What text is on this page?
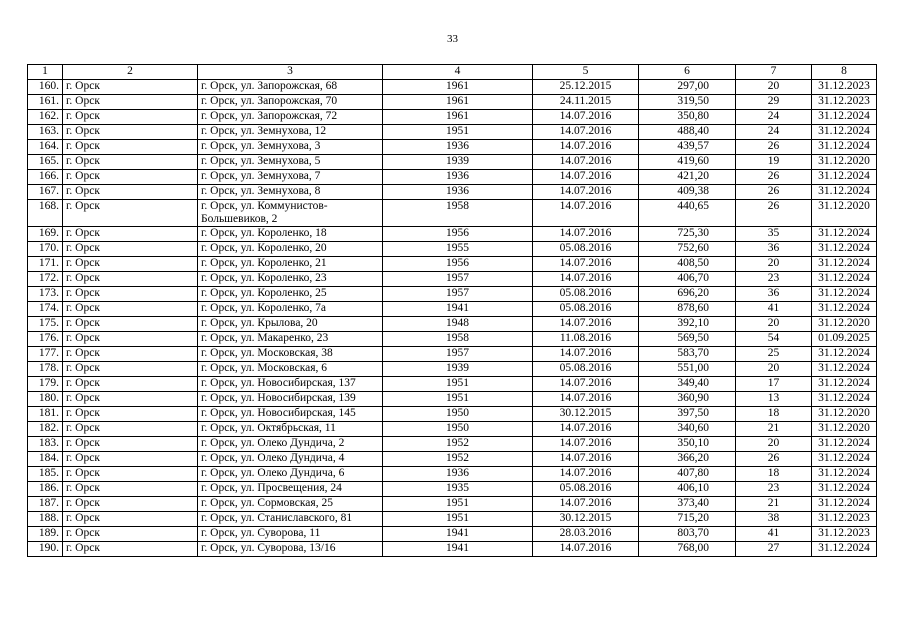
33
1	2	3	4	5	6	7	8
160.	г. Орск	г. Орск, ул. Запорожская, 68	1961	25.12.2015	297,00	20	31.12.2023
161.	г. Орск	г. Орск, ул. Запорожская, 70	1961	24.11.2015	319,50	29	31.12.2023
162.	г. Орск	г. Орск, ул. Запорожская, 72	1961	14.07.2016	350,80	24	31.12.2024
163.	г. Орск	г. Орск, ул. Земнухова, 12	1951	14.07.2016	488,40	24	31.12.2024
164.	г. Орск	г. Орск, ул. Земнухова, 3	1936	14.07.2016	439,57	26	31.12.2024
165.	г. Орск	г. Орск, ул. Земнухова, 5	1939	14.07.2016	419,60	19	31.12.2020
166.	г. Орск	г. Орск, ул. Земнухова, 7	1936	14.07.2016	421,20	26	31.12.2024
167.	г. Орск	г. Орск, ул. Земнухова, 8	1936	14.07.2016	409,38	26	31.12.2024
168.	г. Орск	г. Орск, ул. Коммунистов-Большевиков, 2	1958	14.07.2016	440,65	26	31.12.2020
169.	г. Орск	г. Орск, ул. Короленко, 18	1956	14.07.2016	725,30	35	31.12.2024
170.	г. Орск	г. Орск, ул. Короленко, 20	1955	05.08.2016	752,60	36	31.12.2024
171.	г. Орск	г. Орск, ул. Короленко, 21	1956	14.07.2016	408,50	20	31.12.2024
172.	г. Орск	г. Орск, ул. Короленко, 23	1957	14.07.2016	406,70	23	31.12.2024
173.	г. Орск	г. Орск, ул. Короленко, 25	1957	05.08.2016	696,20	36	31.12.2024
174.	г. Орск	г. Орск, ул. Короленко, 7а	1941	05.08.2016	878,60	41	31.12.2024
175.	г. Орск	г. Орск, ул. Крылова, 20	1948	14.07.2016	392,10	20	31.12.2020
176.	г. Орск	г. Орск, ул. Макаренко, 23	1958	11.08.2016	569,50	54	01.09.2025
177.	г. Орск	г. Орск, ул. Московская, 38	1957	14.07.2016	583,70	25	31.12.2024
178.	г. Орск	г. Орск, ул. Московская, 6	1939	05.08.2016	551,00	20	31.12.2024
179.	г. Орск	г. Орск, ул. Новосибирская, 137	1951	14.07.2016	349,40	17	31.12.2024
180.	г. Орск	г. Орск, ул. Новосибирская, 139	1951	14.07.2016	360,90	13	31.12.2024
181.	г. Орск	г. Орск, ул. Новосибирская, 145	1950	30.12.2015	397,50	18	31.12.2020
182.	г. Орск	г. Орск, ул. Октябрьская, 11	1950	14.07.2016	340,60	21	31.12.2020
183.	г. Орск	г. Орск, ул. Олеко Дундича, 2	1952	14.07.2016	350,10	20	31.12.2024
184.	г. Орск	г. Орск, ул. Олеко Дундича, 4	1952	14.07.2016	366,20	26	31.12.2024
185.	г. Орск	г. Орск, ул. Олеко Дундича, 6	1936	14.07.2016	407,80	18	31.12.2024
186.	г. Орск	г. Орск, ул. Просвещения, 24	1935	05.08.2016	406,10	23	31.12.2024
187.	г. Орск	г. Орск, ул. Сормовская, 25	1951	14.07.2016	373,40	21	31.12.2024
188.	г. Орск	г. Орск, ул. Станиславского, 81	1951	30.12.2015	715,20	38	31.12.2023
189.	г. Орск	г. Орск, ул. Суворова, 11	1941	28.03.2016	803,70	41	31.12.2023
190.	г. Орск	г. Орск, ул. Суворова, 13/16	1941	14.07.2016	768,00	27	31.12.2024
